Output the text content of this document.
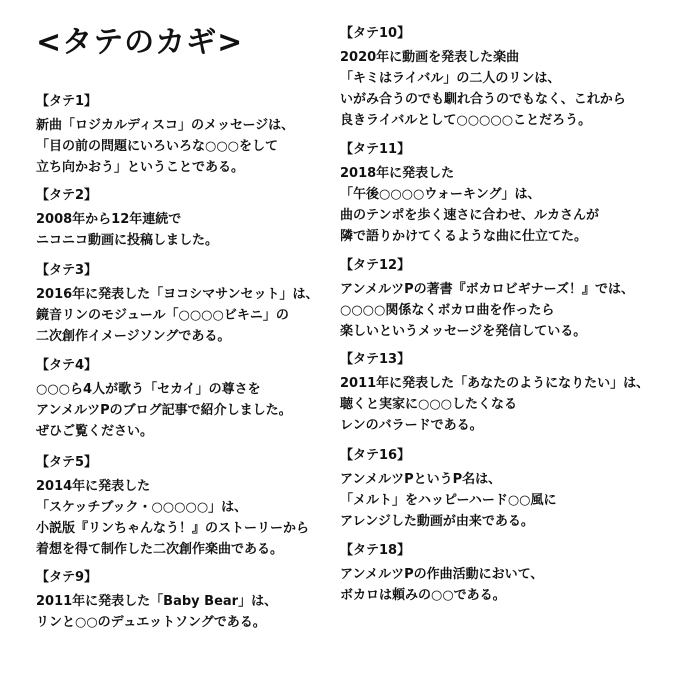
<タテのカギ>
【タテ1】
新曲「ロジカルディスコ」のメッセージは、
「目の前の問題にいろいろな○○○をして
立ち向かおう」ということである。
【タテ2】
2008年から12年連続で
ニコニコ動画に投稿しました。
【タテ3】
2016年に発表した「ヨコシマサンセット」は、
鏡音リンのモジュール「○○○○ビキニ」の
二次創作イメージソングである。
【タテ4】
○○○ら4人が歌う「セカイ」の尊さを
アンメルツPのブログ記事で紹介しました。
ぜひご覧ください。
【タテ5】
2014年に発表した
「スケッチブック・○○○○○」は、
小説版『リンちゃんなう！』のストーリーから
着想を得て制作した二次創作楽曲である。
【タテ9】
2011年に発表した「Baby Bear」は、
リンと○○のデュエットソングである。
【タテ10】
2020年に動画を発表した楽曲
「キミはライバル」の二人のリンは、
いがみ合うのでも馴れ合うのでもなく、これから
良きライバルとして○○○○○ことだろう。
【タテ11】
2018年に発表した
「午後○○○○ウォーキング」は、
曲のテンポを歩く速さに合わせ、ルカさんが
隣で語りかけてくるような曲に仕立てた。
【タテ12】
アンメルツPの著書『ボカロビギナーズ！』では、
○○○○関係なくボカロ曲を作ったら
楽しいというメッセージを発信している。
【タテ13】
2011年に発表した「あなたのようになりたい」は、
聴くと実家に○○○したくなる
レンのバラードである。
【タテ16】
アンメルツPというP名は、
「メルト」をハッピーハード○○風に
アレンジした動画が由来である。
【タテ18】
アンメルツPの作曲活動において、
ボカロは頼みの○○である。
